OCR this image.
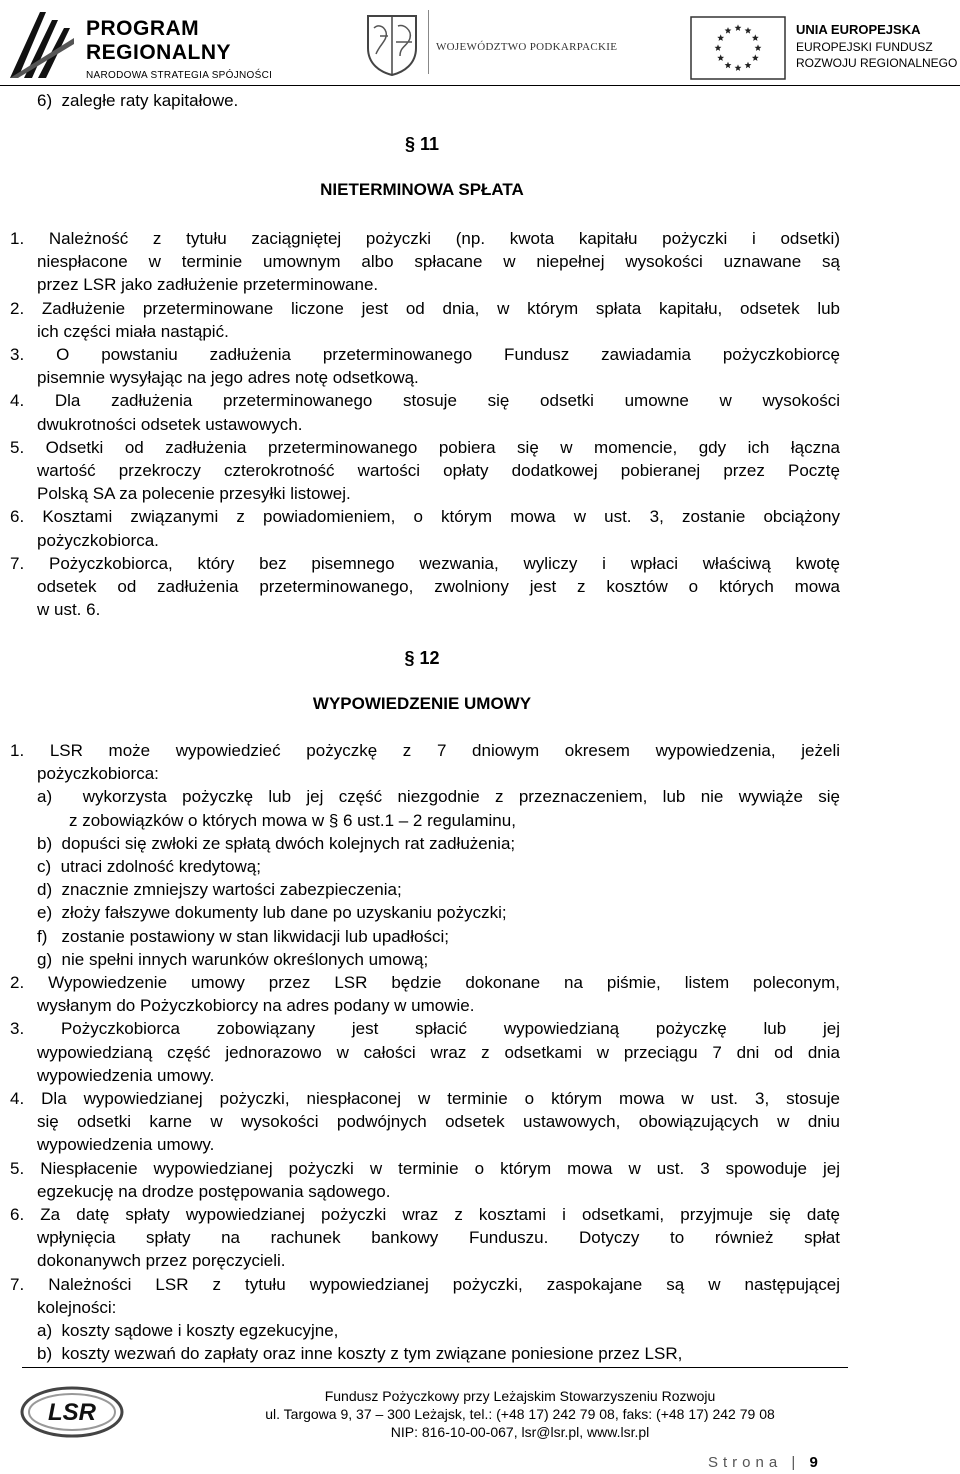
PROGRAM
REGIONALNY
NARODOWA STRATEGIA SPÓJNOŚCI
WOJEWÓDZTWO PODKARPACKIE
UNIA EUROPEJSKA
EUROPEJSKI FUNDUSZ
ROZWOJU REGIONALNEGO
6)  zaległe raty kapitałowe.
§ 11
NIETERMINOWA SPŁATA
1. Należność z tytułu zaciągniętej pożyczki (np. kwota kapitału pożyczki i odsetki)
niespłacone w terminie umownym albo spłacane w niepełnej wysokości uznawane są
przez LSR jako zadłużenie przeterminowane.
2. Zadłużenie przeterminowane liczone jest od dnia, w którym spłata kapitału, odsetek lub
ich części miała nastąpić.
3. O powstaniu zadłużenia przeterminowanego Fundusz zawiadamia pożyczkobiorcę
pisemnie wysyłając na jego adres notę odsetkową.
4. Dla zadłużenia przeterminowanego stosuje się odsetki umowne w wysokości
dwukrotności odsetek ustawowych.
5. Odsetki od zadłużenia przeterminowanego pobiera się w momencie, gdy ich łączna
wartość przekroczy czterokrotność wartości opłaty dodatkowej pobieranej przez Pocztę
Polską SA za polecenie przesyłki listowej.
6. Kosztami związanymi z powiadomieniem, o którym mowa w ust. 3, zostanie obciążony
pożyczkobiorca.
7. Pożyczkobiorca, który bez pisemnego wezwania, wyliczy i wpłaci właściwą kwotę
odsetek od zadłużenia przeterminowanego, zwolniony jest z kosztów o których mowa
w ust. 6.
§ 12
WYPOWIEDZENIE UMOWY
1. LSR może wypowiedzieć pożyczkę z 7 dniowym okresem wypowiedzenia, jeżeli
pożyczkobiorca:
a)  wykorzysta pożyczkę lub jej część niezgodnie z przeznaczeniem, lub nie wywiąże się
z zobowiązków o których mowa w § 6 ust.1 – 2 regulaminu,
b)  dopuści się zwłoki ze spłatą dwóch kolejnych rat zadłużenia;
c)  utraci zdolność kredytową;
d)  znacznie zmniejszy wartości zabezpieczenia;
e)  złoży fałszywe dokumenty lub dane po uzyskaniu pożyczki;
f)   zostanie postawiony w stan likwidacji lub upadłości;
g)  nie spełni innych warunków określonych umową;
2. Wypowiedzenie umowy przez LSR będzie dokonane na piśmie, listem poleconym,
wysłanym do Pożyczkobiorcy na adres podany w umowie.
3. Pożyczkobiorca zobowiązany jest spłacić wypowiedzianą pożyczkę lub jej
wypowiedzianą część jednorazowo w całości wraz z odsetkami w przeciągu 7 dni od dnia
wypowiedzenia umowy.
4. Dla wypowiedzianej pożyczki, niespłaconej w terminie o którym mowa w ust. 3, stosuje
się odsetki karne w wysokości podwójnych odsetek ustawowych, obowiązujących w dniu
wypowiedzenia umowy.
5. Niespłacenie wypowiedzianej pożyczki w terminie o którym mowa w ust. 3 spowoduje jej
egzekucję na drodze postępowania sądowego.
6. Za datę spłaty wypowiedzianej pożyczki wraz z kosztami i odsetkami, przyjmuje się datę
wpłynięcia spłaty na rachunek bankowy Funduszu. Dotyczy to również spłat
dokonanywch przez poręczycieli.
7. Należności LSR z tytułu wypowiedzianej pożyczki, zaspokajane są w następującej
kolejności:
a)  koszty sądowe i koszty egzekucyjne,
b)  koszty wezwań do zapłaty oraz inne koszty z tym związane poniesione przez LSR,
LSR
Fundusz Pożyczkowy przy Leżajskim Stowarzyszeniu Rozwoju
ul. Targowa 9, 37 – 300 Leżajsk, tel.: (+48 17) 242 79 08, faks: (+48 17) 242 79 08
NIP: 816-10-00-067, lsr@lsr.pl, www.lsr.pl
Strona | 9
